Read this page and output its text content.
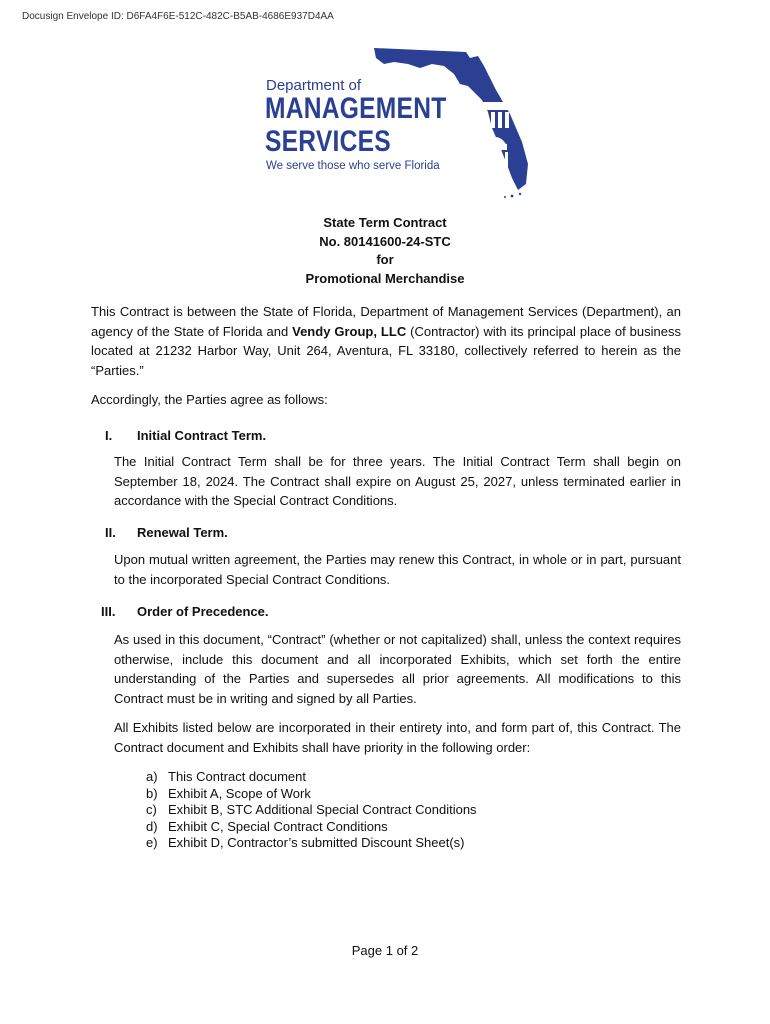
Docusign Envelope ID: D6FA4F6E-512C-482C-B5AB-4686E937D4AA
Department of
MANAGEMENT
SERVICES
We serve those who serve Florida
State Term Contract
No. 80141600-24-STC
for
Promotional Merchandise
This Contract is between the State of Florida, Department of Management Services (Department), an agency of the State of Florida and Vendy Group, LLC (Contractor) with its principal place of business located at 21232 Harbor Way, Unit 264, Aventura, FL 33180, collectively referred to herein as the “Parties.”
Accordingly, the Parties agree as follows:
I. Initial Contract Term.
The Initial Contract Term shall be for three years. The Initial Contract Term shall begin on September 18, 2024. The Contract shall expire on August 25, 2027, unless terminated earlier in accordance with the Special Contract Conditions.
II. Renewal Term.
Upon mutual written agreement, the Parties may renew this Contract, in whole or in part, pursuant to the incorporated Special Contract Conditions.
III. Order of Precedence.
As used in this document, “Contract” (whether or not capitalized) shall, unless the context requires otherwise, include this document and all incorporated Exhibits, which set forth the entire understanding of the Parties and supersedes all prior agreements. All modifications to this Contract must be in writing and signed by all Parties.
All Exhibits listed below are incorporated in their entirety into, and form part of, this Contract. The Contract document and Exhibits shall have priority in the following order:
a) This Contract document
b) Exhibit A, Scope of Work
c) Exhibit B, STC Additional Special Contract Conditions
d) Exhibit C, Special Contract Conditions
e) Exhibit D, Contractor’s submitted Discount Sheet(s)
Page 1 of 2
